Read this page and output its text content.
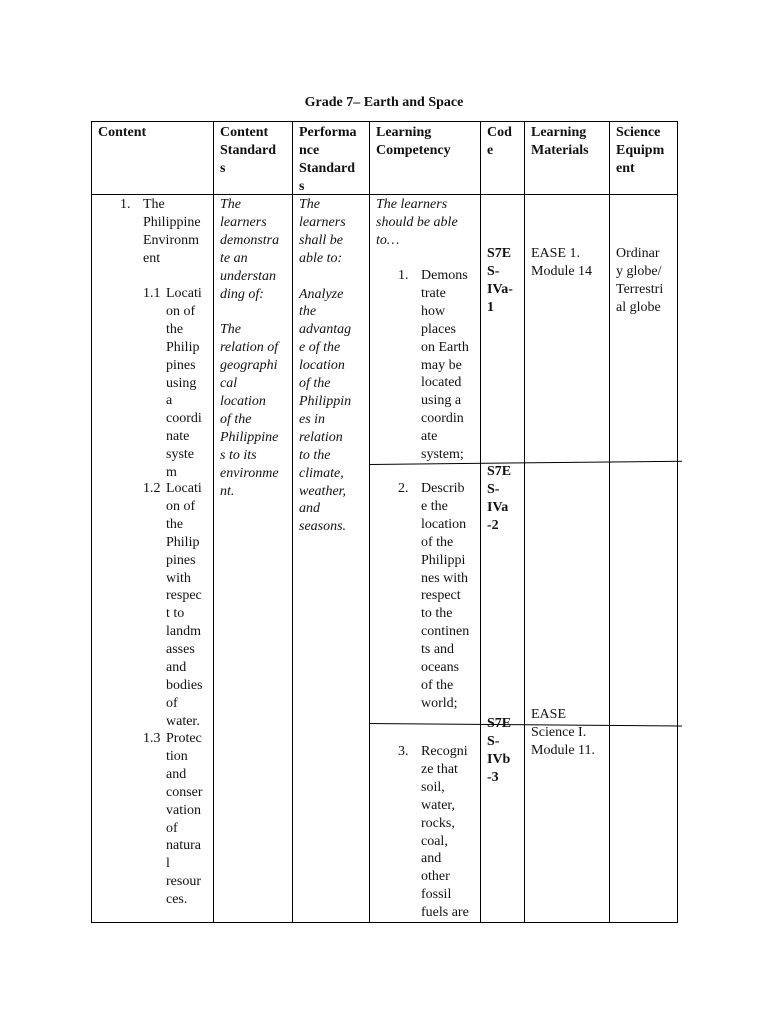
Grade 7– Earth and Space
Content	Content
Standard
s
Performa
nce
Standard
s
Learning
Competency
Cod
e
Learning
Materials
Science
Equipm
ent
1. The
Philippine
Environm
ent
1.1 Locati
on of
the
Philip
pines
using
a
coordi
nate
syste
m
1.2 Locati
on of
the
Philip
pines
with
respec
t to
landm
asses
and
bodies
of
water.
1.3 Protec
tion
and
conser
vation
of
natura
l
resour
ces.
The
learners
demonstra
te an
understan
ding of:

The
relation of
geographi
cal
location
of the
Philippine
s to its
environme
nt.
The
learners
shall be
able to:

Analyze
the
advantag
e of the
location
of the
Philippin
es in
relation
to the
climate,
weather,
and
seasons.
The learners
should be able
to…
1. Demons
trate
how
places
on Earth
may be
located
using a
coordin
ate
system;
2. Describ
e the
location
of the
Philippi
nes with
respect
to the
continen
ts and
oceans
of the
world;
3. Recogni
ze that
soil,
water,
rocks,
coal,
and
other
fossil
fuels are
S7E
S-
IVa-
1
S7E
S-
IVa
-2
S7E
S-
IVb
-3
EASE 1.
Module 14
EASE
Science I.
Module 11.
Ordinar
y globe/
Terrestri
al globe
